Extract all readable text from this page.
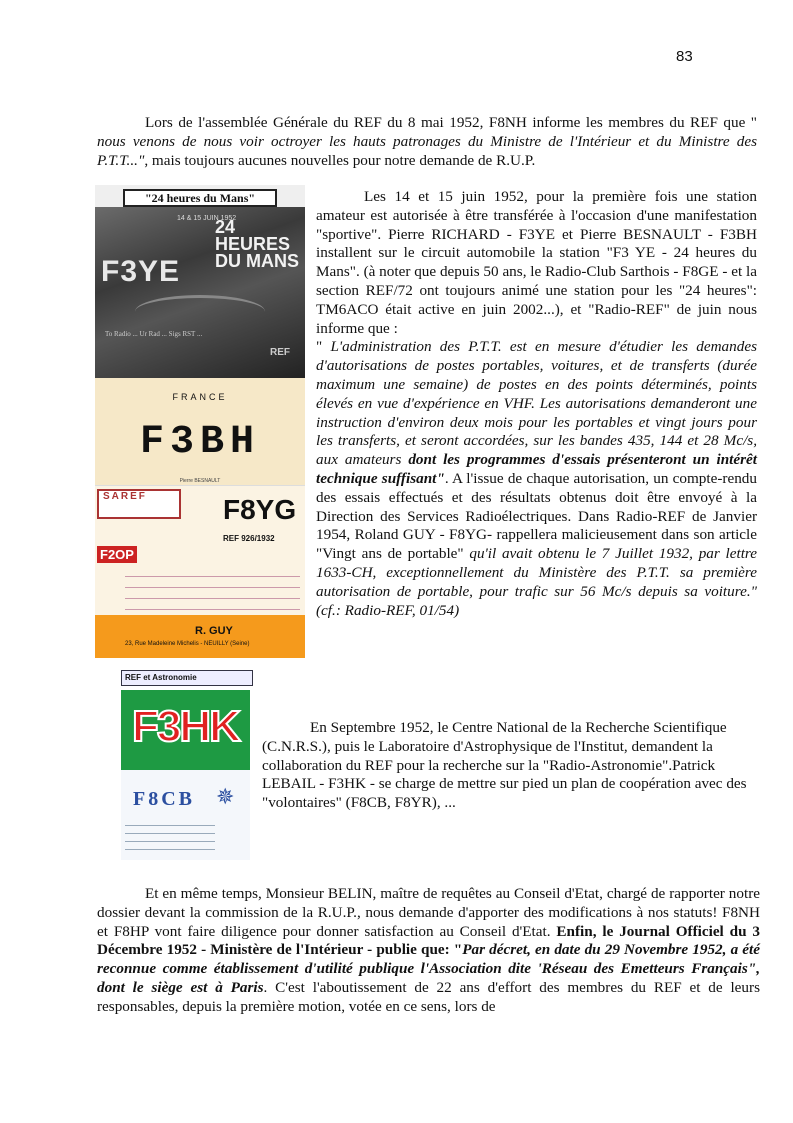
83

Lors de l'assemblée Générale du REF du 8 mai 1952, F8NH informe les membres du REF que " nous venons de nous voir octroyer les hauts patronages du Ministre de l'Intérieur et du Ministre des P.T.T...", mais toujours aucunes nouvelles pour notre demande de R.U.P.

"24 heures du Mans"
14 & 15 JUIN 1952
F3YE
24 HEURES DU MANS
To Radio ... Ur Rad ... Sigs RST ...
REF
FRANCE
F3BH
Pierre BESNAULT
SAREF	F8YG
REF 926/1932
F2OP
R. GUY
23, Rue Madeleine Michelis - NEUILLY (Seine)

Les 14 et 15 juin 1952, pour la première fois une station amateur est autorisée à être transférée à l'occasion d'une manifestation "sportive". Pierre RICHARD - F3YE et Pierre BESNAULT - F3BH installent sur le circuit automobile la station "F3 YE - 24 heures du Mans". (à noter que depuis 50 ans, le Radio-Club Sarthois - F8GE - et la section REF/72 ont toujours animé une station pour les "24 heures": TM6ACO était active en juin 2002...), et "Radio-REF" de juin nous informe que :
" L'administration des P.T.T. est en mesure d'étudier les demandes d'autorisations de postes portables, voitures, et de transferts (durée maximum une semaine) de postes en des points déterminés, points élevés en vue d'expérience en VHF. Les autorisations demanderont une instruction d'environ deux mois pour les portables et vingt jours pour les transferts, et seront accordées, sur les bandes 435, 144 et 28 Mc/s, aux amateurs dont les programmes d'essais présenteront un intérêt technique suffisant". A l'issue de chaque autorisation, un compte-rendu des essais effectués et des résultats obtenus doit être envoyé à la Direction des Services Radioélectriques. Dans Radio-REF de Janvier 1954, Roland GUY - F8YG- rappellera malicieusement dans son article "Vingt ans de portable" qu'il avait obtenu le 7 Juillet 1932, par lettre 1633-CH, exceptionnellement du Ministère des P.T.T. sa première autorisation de portable, pour trafic sur 56 Mc/s depuis sa voiture." (cf.: Radio-REF, 01/54)

REF et Astronomie
F3HK
F8CB ✵

En Septembre 1952, le Centre National de la Recherche Scientifique (C.N.R.S.), puis le Laboratoire d'Astrophysique de l'Institut, demandent la collaboration du REF pour la recherche sur la "Radio-Astronomie".Patrick LEBAIL - F3HK - se charge de mettre sur pied un plan de coopération avec des "volontaires" (F8CB, F8YR), ...

Et en même temps, Monsieur BELIN, maître de requêtes au Conseil d'Etat, chargé de rapporter notre dossier devant la commission de la R.U.P., nous demande d'apporter des modifications à nos statuts! F8NH et F8HP vont faire diligence pour donner satisfaction au Conseil d'Etat. Enfin, le Journal Officiel du 3 Décembre 1952 - Ministère de l'Intérieur - publie que: "Par décret, en date du 29 Novembre 1952, a été reconnue comme établissement d'utilité publique l'Association dite 'Réseau des Emetteurs Français", dont le siège est à Paris. C'est l'aboutissement de 22 ans d'effort des membres du REF et de leurs responsables, depuis la première motion, votée en ce sens, lors de
